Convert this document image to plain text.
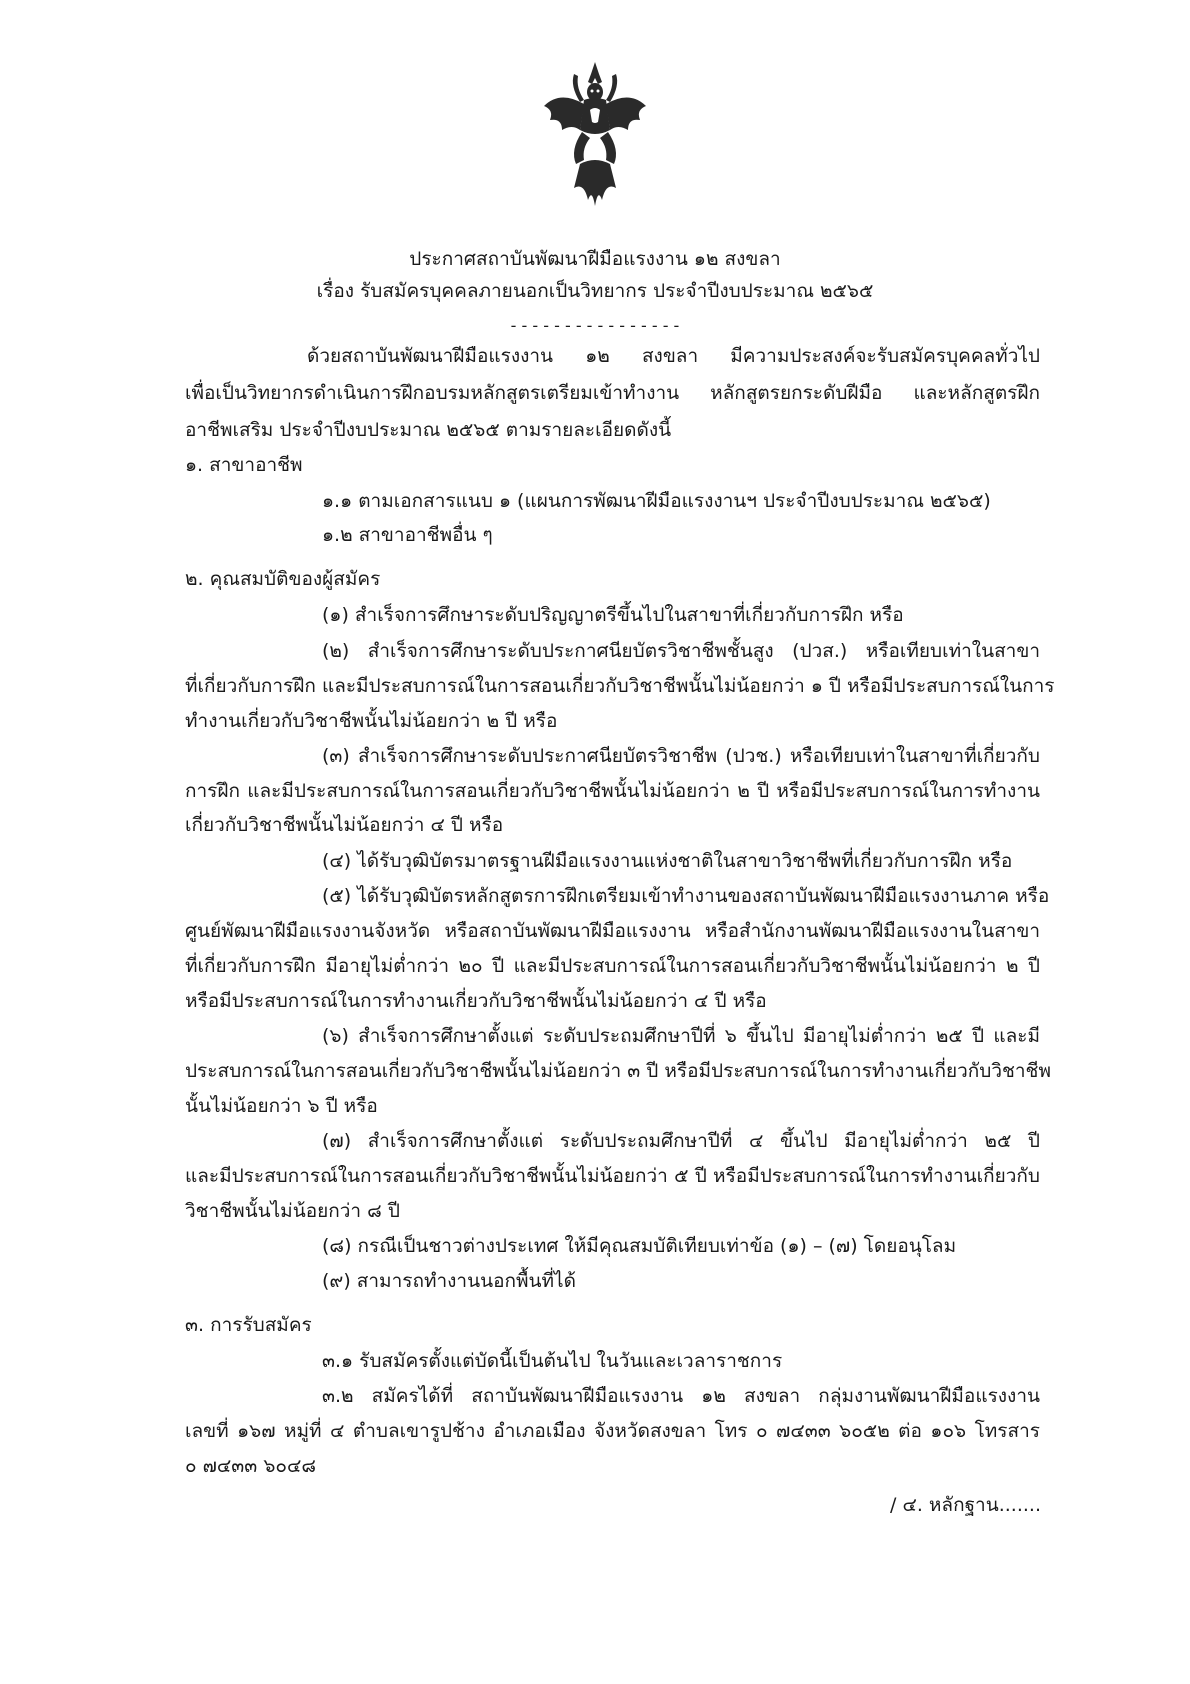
ประกาศสถาบันพัฒนาฝีมือแรงงาน ๑๒ สงขลา
เรื่อง รับสมัครบุคคลภายนอกเป็นวิทยากร ประจำปีงบประมาณ ๒๕๖๕
- - - - - - - - - - - - - - - -
ด้วยสถาบันพัฒนาฝีมือแรงงาน ๑๒ สงขลา มีความประสงค์จะรับสมัครบุคคลทั่วไป
เพื่อเป็นวิทยากรดำเนินการฝึกอบรมหลักสูตรเตรียมเข้าทำงาน หลักสูตรยกระดับฝีมือ และหลักสูตรฝึก
อาชีพเสริม ประจำปีงบประมาณ ๒๕๖๕ ตามรายละเอียดดังนี้
๑. สาขาอาชีพ
๑.๑ ตามเอกสารแนบ ๑ (แผนการพัฒนาฝีมือแรงงานฯ ประจำปีงบประมาณ ๒๕๖๕)
๑.๒ สาขาอาชีพอื่น ๆ
๒. คุณสมบัติของผู้สมัคร
(๑) สำเร็จการศึกษาระดับปริญญาตรีขึ้นไปในสาขาที่เกี่ยวกับการฝึก หรือ
(๒) สำเร็จการศึกษาระดับประกาศนียบัตรวิชาชีพชั้นสูง (ปวส.) หรือเทียบเท่าในสาขา
ที่เกี่ยวกับการฝึก และมีประสบการณ์ในการสอนเกี่ยวกับวิชาชีพนั้นไม่น้อยกว่า ๑ ปี หรือมีประสบการณ์ในการ
ทำงานเกี่ยวกับวิชาชีพนั้นไม่น้อยกว่า ๒ ปี หรือ
(๓) สำเร็จการศึกษาระดับประกาศนียบัตรวิชาชีพ (ปวช.) หรือเทียบเท่าในสาขาที่เกี่ยวกับ
การฝึก และมีประสบการณ์ในการสอนเกี่ยวกับวิชาชีพนั้นไม่น้อยกว่า ๒ ปี หรือมีประสบการณ์ในการทำงาน
เกี่ยวกับวิชาชีพนั้นไม่น้อยกว่า ๔ ปี หรือ
(๔) ได้รับวุฒิบัตรมาตรฐานฝีมือแรงงานแห่งชาติในสาขาวิชาชีพที่เกี่ยวกับการฝึก หรือ
(๕) ได้รับวุฒิบัตรหลักสูตรการฝึกเตรียมเข้าทำงานของสถาบันพัฒนาฝีมือแรงงานภาค หรือ
ศูนย์พัฒนาฝีมือแรงงานจังหวัด หรือสถาบันพัฒนาฝีมือแรงงาน หรือสำนักงานพัฒนาฝีมือแรงงานในสาขา
ที่เกี่ยวกับการฝึก มีอายุไม่ต่ำกว่า ๒๐ ปี และมีประสบการณ์ในการสอนเกี่ยวกับวิชาชีพนั้นไม่น้อยกว่า ๒ ปี
หรือมีประสบการณ์ในการทำงานเกี่ยวกับวิชาชีพนั้นไม่น้อยกว่า ๔ ปี หรือ
(๖) สำเร็จการศึกษาตั้งแต่ ระดับประถมศึกษาปีที่ ๖ ขึ้นไป มีอายุไม่ต่ำกว่า ๒๕ ปี และมี
ประสบการณ์ในการสอนเกี่ยวกับวิชาชีพนั้นไม่น้อยกว่า ๓ ปี หรือมีประสบการณ์ในการทำงานเกี่ยวกับวิชาชีพ
นั้นไม่น้อยกว่า ๖ ปี หรือ
(๗) สำเร็จการศึกษาตั้งแต่ ระดับประถมศึกษาปีที่ ๔ ขึ้นไป มีอายุไม่ต่ำกว่า ๒๕ ปี
และมีประสบการณ์ในการสอนเกี่ยวกับวิชาชีพนั้นไม่น้อยกว่า ๕ ปี หรือมีประสบการณ์ในการทำงานเกี่ยวกับ
วิชาชีพนั้นไม่น้อยกว่า ๘ ปี
(๘) กรณีเป็นชาวต่างประเทศ ให้มีคุณสมบัติเทียบเท่าข้อ (๑) – (๗) โดยอนุโลม
(๙) สามารถทำงานนอกพื้นที่ได้
๓. การรับสมัคร
๓.๑ รับสมัครตั้งแต่บัดนี้เป็นต้นไป ในวันและเวลาราชการ
๓.๒ สมัครได้ที่ สถาบันพัฒนาฝีมือแรงงาน ๑๒ สงขลา กลุ่มงานพัฒนาฝีมือแรงงาน
เลขที่ ๑๖๗ หมู่ที่ ๔ ตำบลเขารูปช้าง อำเภอเมือง จังหวัดสงขลา โทร ๐ ๗๔๓๓ ๖๐๕๒ ต่อ ๑๐๖ โทรสาร
๐ ๗๔๓๓ ๖๐๔๘
/ ๔. หลักฐาน.......
